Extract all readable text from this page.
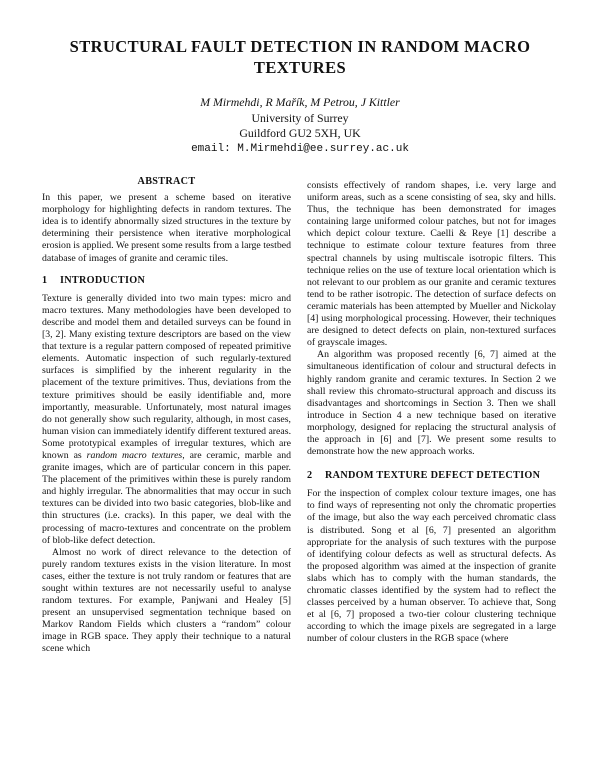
STRUCTURAL FAULT DETECTION IN RANDOM MACRO TEXTURES
M Mirmehdi, R Mařík, M Petrou, J Kittler
University of Surrey
Guildford GU2 5XH, UK
email: M.Mirmehdi@ee.surrey.ac.uk
ABSTRACT

In this paper, we present a scheme based on iterative morphology for highlighting defects in random textures. The idea is to identify abnormally sized structures in the texture by determining their persistence when iterative morphological erosion is applied. We present some results from a large testbed database of images of granite and ceramic tiles.

1	INTRODUCTION

Texture is generally divided into two main types: micro and macro textures. Many methodologies have been developed to describe and model them and detailed surveys can be found in [3, 2]. Many existing texture descriptors are based on the view that texture is a regular pattern composed of repeated primitive elements. Automatic inspection of such regularly-textured surfaces is simplified by the inherent regularity in the placement of the texture primitives. Thus, deviations from the texture primitives should be easily identifiable and, more importantly, measurable. Unfortunately, most natural images do not generally show such regularity, although, in most cases, human vision can immediately identify different textured areas. Some prototypical examples of irregular textures, which are known as random macro textures, are ceramic, marble and granite images, which are of particular concern in this paper. The placement of the primitives within these is purely random and highly irregular. The abnormalities that may occur in such textures can be divided into two basic categories, blob-like and thin structures (i.e. cracks). In this paper, we deal with the processing of macro-textures and concentrate on the problem of blob-like defect detection.

Almost no work of direct relevance to the detection of purely random textures exists in the vision literature. In most cases, either the texture is not truly random or features that are sought within textures are not necessarily useful to analyse random textures. For example, Panjwani and Healey [5] present an unsupervised segmentation technique based on Markov Random Fields which clusters a “random” colour image in RGB space. They apply their technique to a natural scene which

consists effectively of random shapes, i.e. very large and uniform areas, such as a scene consisting of sea, sky and hills. Thus, the technique has been demonstrated for images containing large uniformed colour patches, but not for images which depict colour texture. Caelli & Reye [1] describe a technique to estimate colour texture features from three spectral channels by using multiscale isotropic filters. This technique relies on the use of texture local orientation which is not relevant to our problem as our granite and ceramic textures tend to be rather isotropic. The detection of surface defects on ceramic materials has been attempted by Mueller and Nickolay [4] using morphological processing. However, their techniques are designed to detect defects on plain, non-textured surfaces of grayscale images.

An algorithm was proposed recently [6, 7] aimed at the simultaneous identification of colour and structural defects in highly random granite and ceramic textures. In Section 2 we shall review this chromato-structural approach and discuss its disadvantages and shortcomings in Section 3. Then we shall introduce in Section 4 a new technique based on iterative morphology, designed for replacing the structural analysis of the approach in [6] and [7]. We present some results to demonstrate how the new approach works.

2	RANDOM TEXTURE DEFECT DETECTION

For the inspection of complex colour texture images, one has to find ways of representing not only the chromatic properties of the image, but also the way each perceived chromatic class is distributed. Song et al [6, 7] presented an algorithm appropriate for the analysis of such textures with the purpose of identifying colour defects as well as structural defects. As the proposed algorithm was aimed at the inspection of granite slabs which has to comply with the human standards, the chromatic classes identified by the system had to reflect the classes perceived by a human observer. To achieve that, Song et al [6, 7] proposed a two-tier colour clustering technique according to which the image pixels are segregated in a large number of colour clusters in the RGB space (where
